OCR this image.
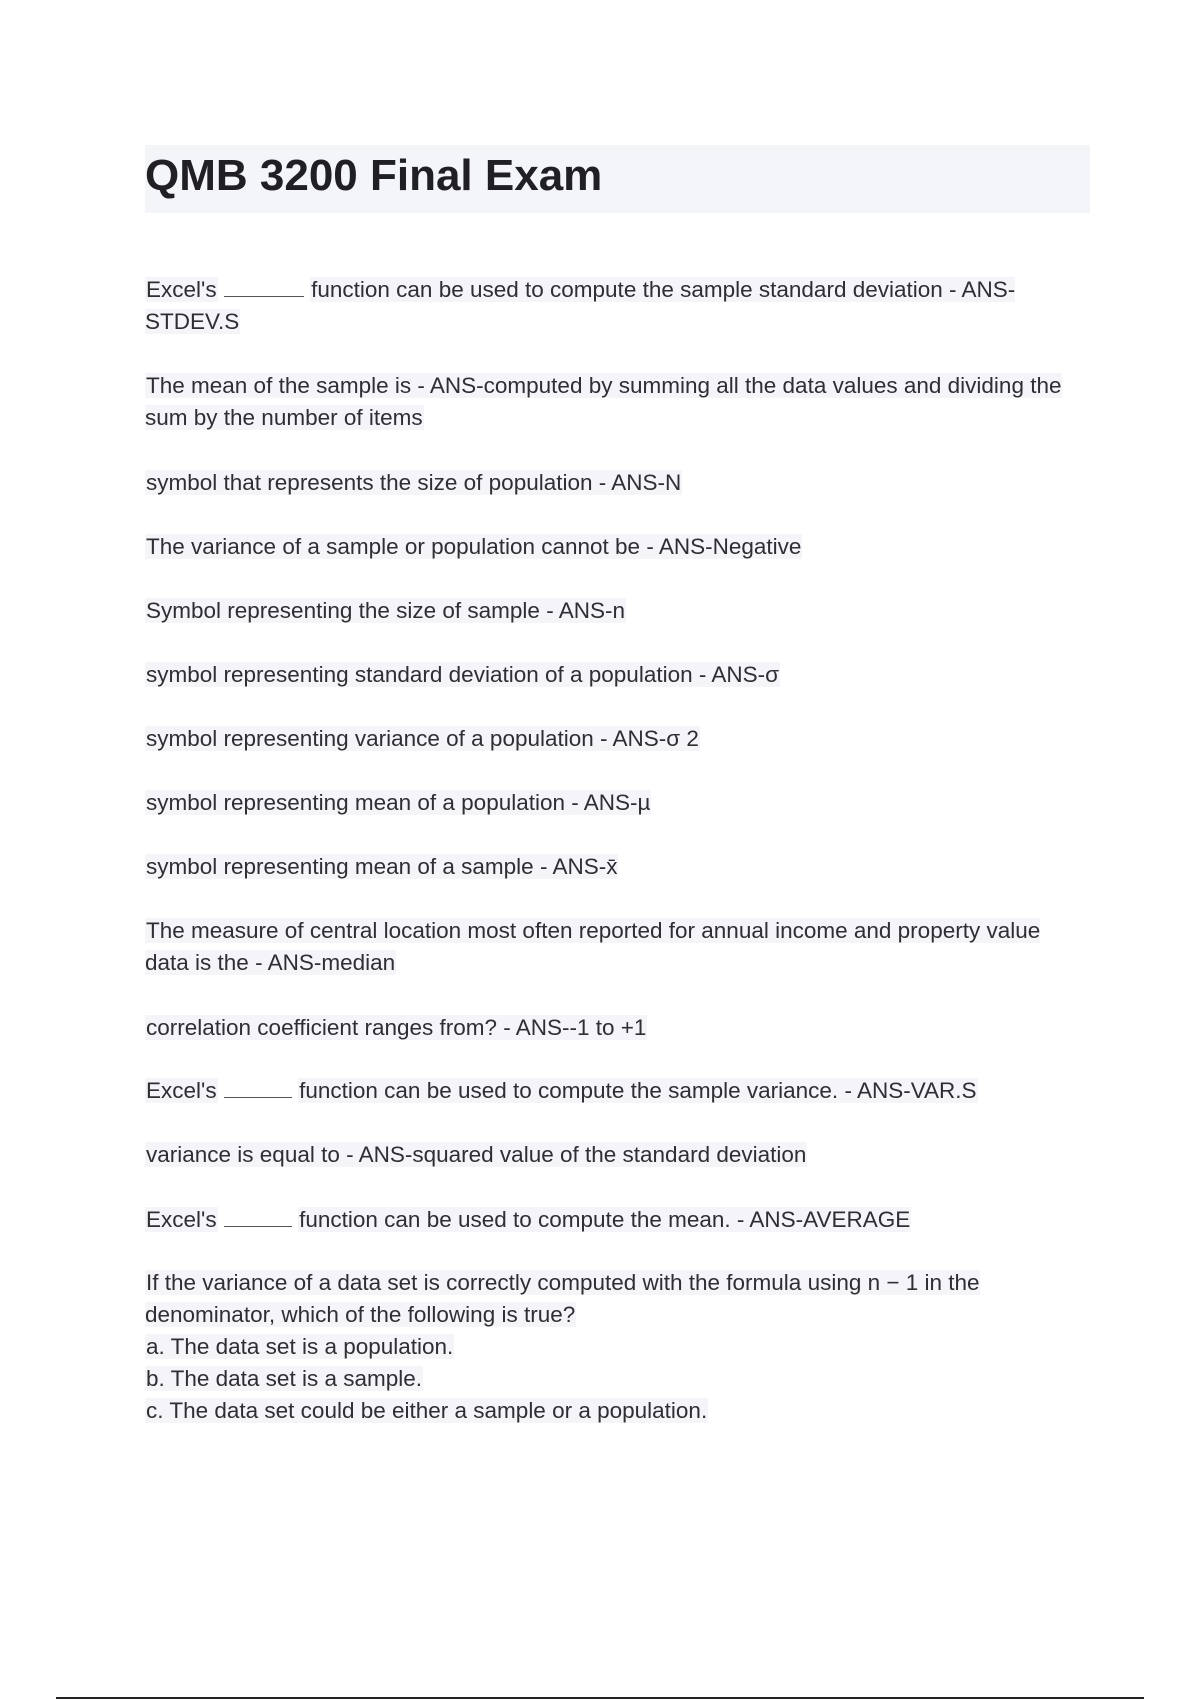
QMB 3200 Final Exam

Excel's	function can be used to compute the sample standard deviation - ANS-STDEV.S

The mean of the sample is - ANS-computed by summing all the data values and dividing the sum by the number of items

symbol that represents the size of population - ANS-N

The variance of a sample or population cannot be - ANS-Negative

Symbol representing the size of sample - ANS-n

symbol representing standard deviation of a population - ANS-σ

symbol representing variance of a population - ANS-σ 2

symbol representing mean of a population - ANS-µ

symbol representing mean of a sample - ANS-x̄

The measure of central location most often reported for annual income and property value data is the - ANS-median

correlation coefficient ranges from? - ANS--1 to +1

Excel's	function can be used to compute the sample variance. - ANS-VAR.S

variance is equal to - ANS-squared value of the standard deviation

Excel's	function can be used to compute the mean. - ANS-AVERAGE

If the variance of a data set is correctly computed with the formula using n − 1 in the denominator, which of the following is true?
a. The data set is a population.
b. The data set is a sample.
c. The data set could be either a sample or a population.
